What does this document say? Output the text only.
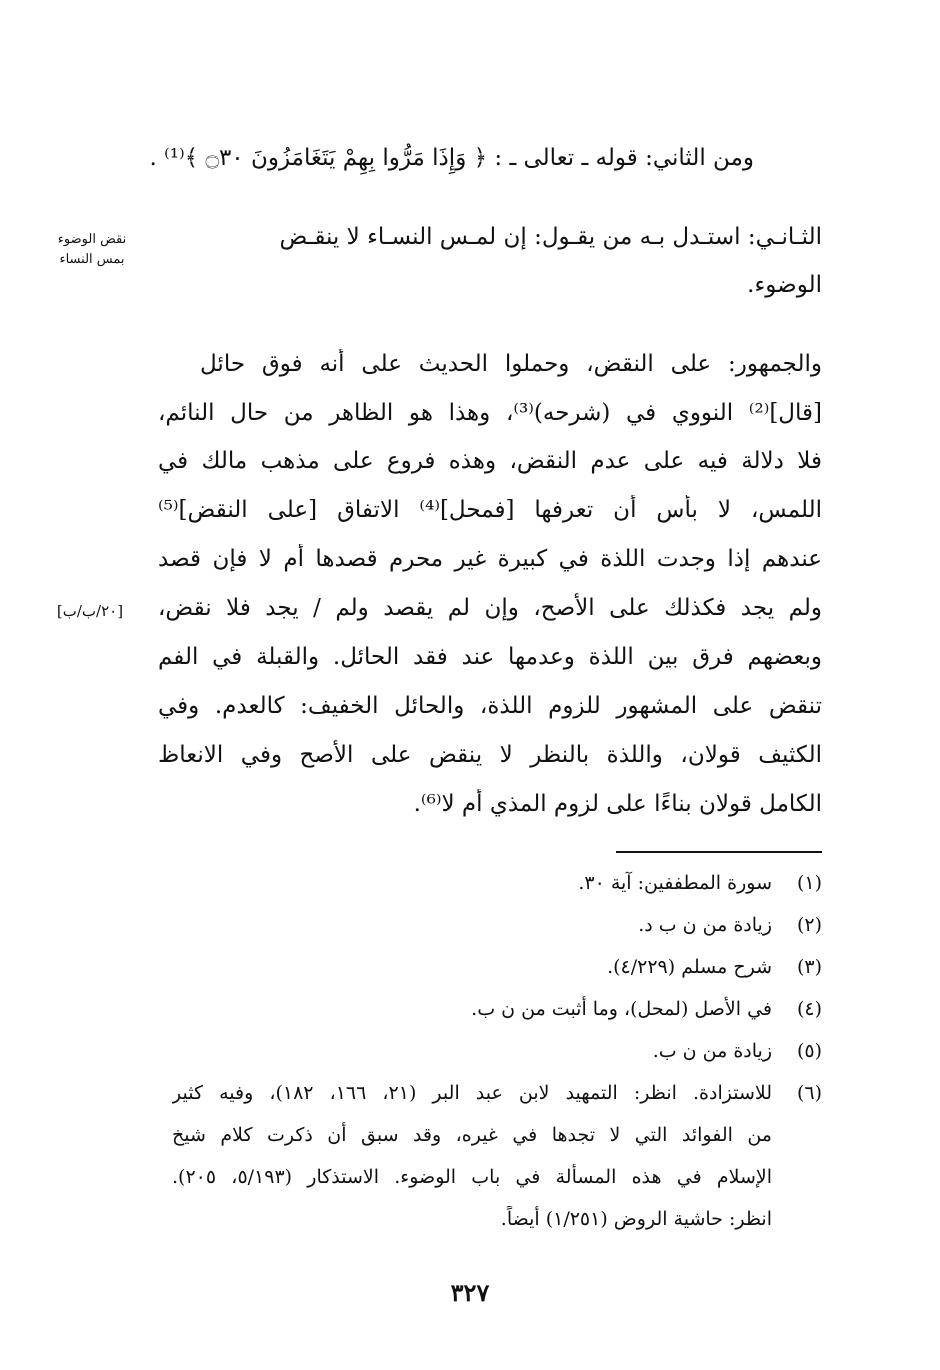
ومن الثاني: قوله ـ تعالى ـ : ﴿ وَإِذَا مَرُّوا بِهِمْ يَتَغَامَزُونَ ۝٣٠ ﴾⁽¹⁾ .
الثـانـي: استـدل بـه من يقـول: إن لمـس النسـاء لا ينقـض
الوضوء.
نقض الوضوء
بمس النساء
[٢٠/ب/ب]
والجمهور: على النقض، وحملوا الحديث على أنه فوق حائل
[قال]⁽²⁾ النووي في (شرحه)⁽³⁾، وهذا هو الظاهر من حال النائم،
فلا دلالة فيه على عدم النقض، وهذه فروع على مذهب مالك في
اللمس، لا بأس أن تعرفها [فمحل]⁽⁴⁾ الاتفاق [على النقض]⁽⁵⁾
عندهم إذا وجدت اللذة في كبيرة غير محرم قصدها أم لا فإن قصد
ولم يجد فكذلك على الأصح، وإن لم يقصد ولم / يجد فلا نقض،
وبعضهم فرق بين اللذة وعدمها عند فقد الحائل. والقبلة في الفم
تنقض على المشهور للزوم اللذة، والحائل الخفيف: كالعدم. وفي
الكثيف قولان، واللذة بالنظر لا ينقض على الأصح وفي الانعاظ
الكامل قولان بناءًا على لزوم المذي أم لا⁽⁶⁾.
(١)
سورة المطففين: آية ٣٠.
(٢)
زيادة من ن ب د.
(٣)
شرح مسلم (٤/٢٢٩).
(٤)
في الأصل (لمحل)، وما أثبت من ن ب.
(٥)
زيادة من ن ب.
(٦)
للاستزادة. انظر: التمهيد لابن عبد البر (٢١، ١٦٦، ١٨٢)، وفيه كثير
من الفوائد التي لا تجدها في غيره، وقد سبق أن ذكرت كلام شيخ
الإسلام في هذه المسألة في باب الوضوء. الاستذكار (٥/١٩٣، ٢٠٥).
انظر: حاشية الروض (١/٢٥١) أيضاً.
٣٢٧
